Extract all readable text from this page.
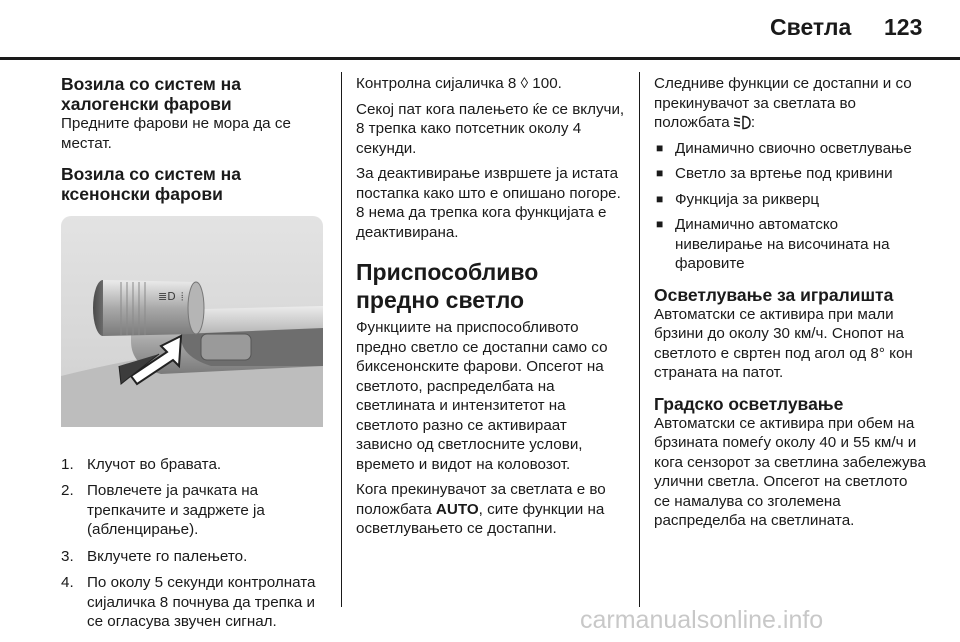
Светла 123
Возила со систем на халогенски фарови

Предните фарови не мора да се местат.

Возила со систем на ксенонски фарови
≣D ⦙
1. Клучот во бравата.
2. Повлечете ја рачката на трепкачите и задржете ја (абленцирање).
3. Вклучете го палењето.
4. По околу 5 секунди контролната сијаличка 8 почнува да трепка и се огласува звучен сигнал.

Контролна сијаличка 8 ◊ 100.

Секој пат кога палењето ќе се вклучи, 8 трепка како потсетник околу 4 секунди.

За деактивирање извршете ја истата постапка како што е опишано погоре. 8 нема да трепка кога функцијата е деактивирана.

Приспособливо предно светло

Функциите на приспособливото предно светло се достапни само со биксенонските фарови. Опсегот на светлото, распределбата на светлината и интензитетот на светлото разно се активираат зависно од светлосните услови, времето и видот на коловозот.

Кога прекинувачот за светлата е во положбата AUTO, сите функции на осветлувањето се достапни.

Следниве функции се достапни и со прекинувачот за светлата во положбата :

■ Динамично свиочно осветлување
■ Светло за вртење под кривини
■ Функција за рикверц
■ Динамично автоматско нивелирање на височината на фаровите
Осветлување за игралишта

Автоматски се активира при мали брзини до околу 30 км/ч. Снопот на светлото е свртен под агол од 8° кон страната на патот.

Градско осветлување

Автоматски се активира при обем на брзината помеѓу околу 40 и 55 км/ч и кога сензорот за светлина забележува улични светла. Опсегот на светлото се намалува со зголемена распределба на светлината.

carmanualsonline.info
